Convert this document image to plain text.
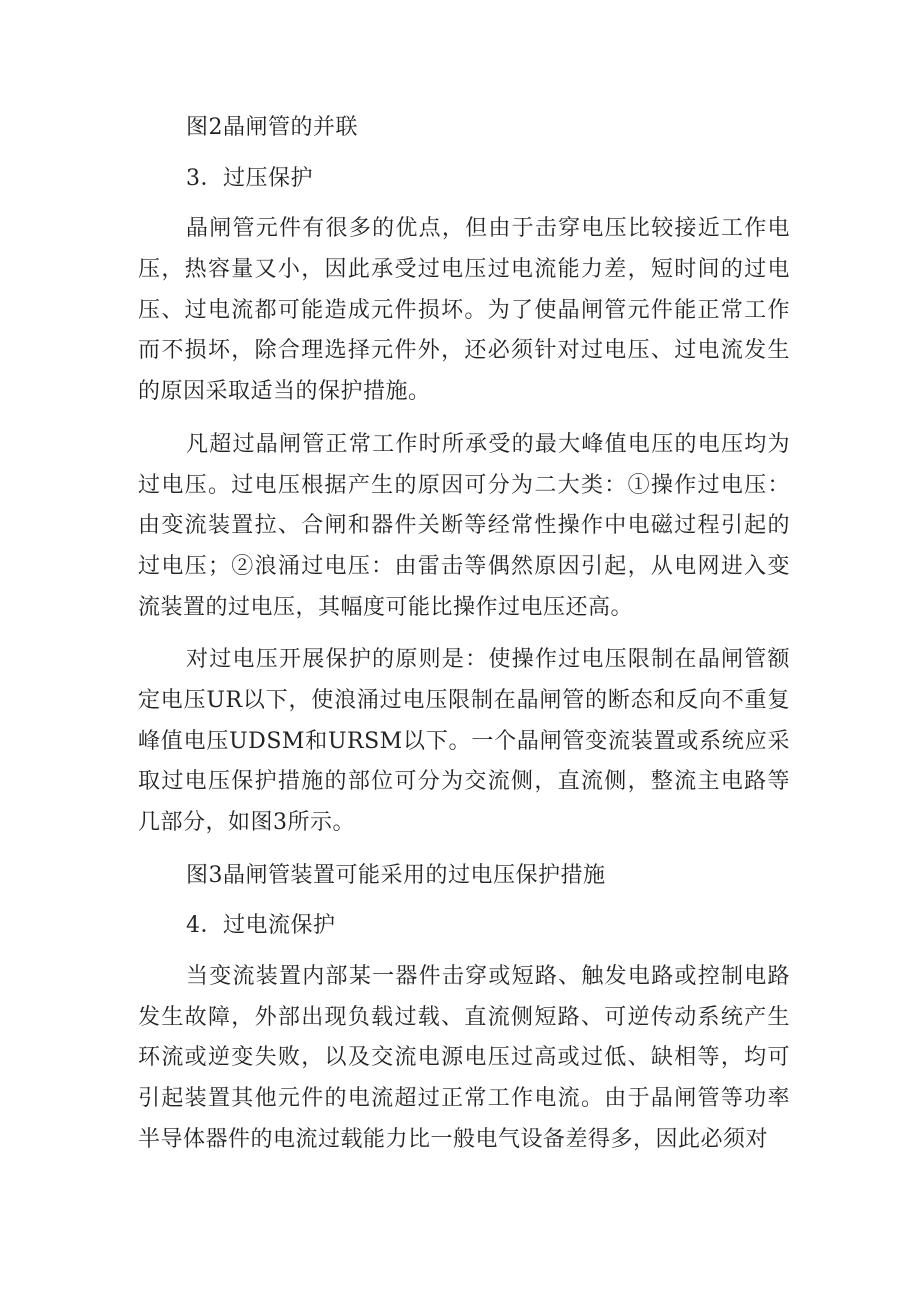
图2晶闸管的并联

3．过压保护

晶闸管元件有很多的优点，但由于击穿电压比较接近工作电压，热容量又小，因此承受过电压过电流能力差，短时间的过电压、过电流都可能造成元件损坏。为了使晶闸管元件能正常工作而不损坏，除合理选择元件外，还必须针对过电压、过电流发生的原因采取适当的保护措施。

凡超过晶闸管正常工作时所承受的最大峰值电压的电压均为过电压。过电压根据产生的原因可分为二大类：①操作过电压：由变流装置拉、合闸和器件关断等经常性操作中电磁过程引起的过电压；②浪涌过电压：由雷击等偶然原因引起，从电网进入变流装置的过电压，其幅度可能比操作过电压还高。

对过电压开展保护的原则是：使操作过电压限制在晶闸管额定电压UR以下，使浪涌过电压限制在晶闸管的断态和反向不重复峰值电压UDSM和URSM以下。一个晶闸管变流装置或系统应采取过电压保护措施的部位可分为交流侧，直流侧，整流主电路等几部分，如图3所示。

图3晶闸管装置可能采用的过电压保护措施

4．过电流保护

当变流装置内部某一器件击穿或短路、触发电路或控制电路发生故障，外部出现负载过载、直流侧短路、可逆传动系统产生环流或逆变失败，以及交流电源电压过高或过低、缺相等，均可引起装置其他元件的电流超过正常工作电流。由于晶闸管等功率半导体器件的电流过载能力比一般电气设备差得多，因此必须对
